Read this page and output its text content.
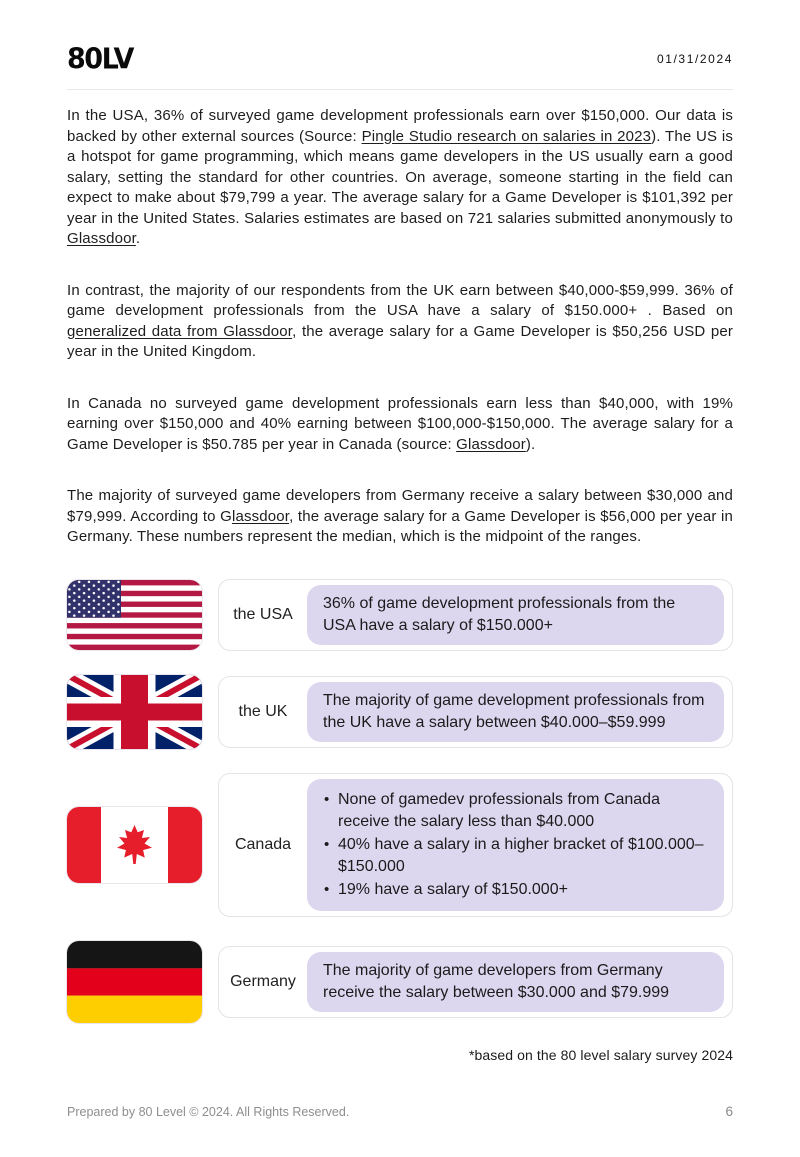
80LV	01/31/2024

In the USA, 36% of surveyed game development professionals earn over $150,000. Our data is backed by other external sources (Source: Pingle Studio research on salaries in 2023). The US is a hotspot for game programming, which means game developers in the US usually earn a good salary, setting the standard for other countries. On average, someone starting in the field can expect to make about $79,799 a year. The average salary for a Game Developer is $101,392 per year in the United States. Salaries estimates are based on 721 salaries submitted anonymously to Glassdoor.

In contrast, the majority of our respondents from the UK earn between $40,000-$59,999. 36% of game development professionals from the USA have a salary of $150.000+ . Based on generalized data from Glassdoor, the average salary for a Game Developer is $50,256 USD per year in the United Kingdom.

In Canada no surveyed game development professionals earn less than $40,000, with 19% earning over $150,000 and 40% earning between $100,000-$150,000. The average salary for a Game Developer is $50.785 per year in Canada (source: Glassdoor).

The majority of surveyed game developers from Germany receive a salary between $30,000 and $79,999. According to Glassdoor, the average salary for a Game Developer is $56,000 per year in Germany. These numbers represent the median, which is the midpoint of the ranges.

the USA
36% of game development professionals from the USA have a salary of $150.000+
the UK
The majority of game development professionals from the UK have a salary between $40.000–$59.999
Canada
• None of gamedev professionals from Canada receive the salary less than $40.000
• 40% have a salary in a higher bracket of $100.000–$150.000
• 19% have a salary of $150.000+
Germany
The majority of game developers from Germany receive the salary between $30.000 and $79.999
*based on the 80 level salary survey 2024
Prepared by 80 Level © 2024. All Rights Reserved.	6
